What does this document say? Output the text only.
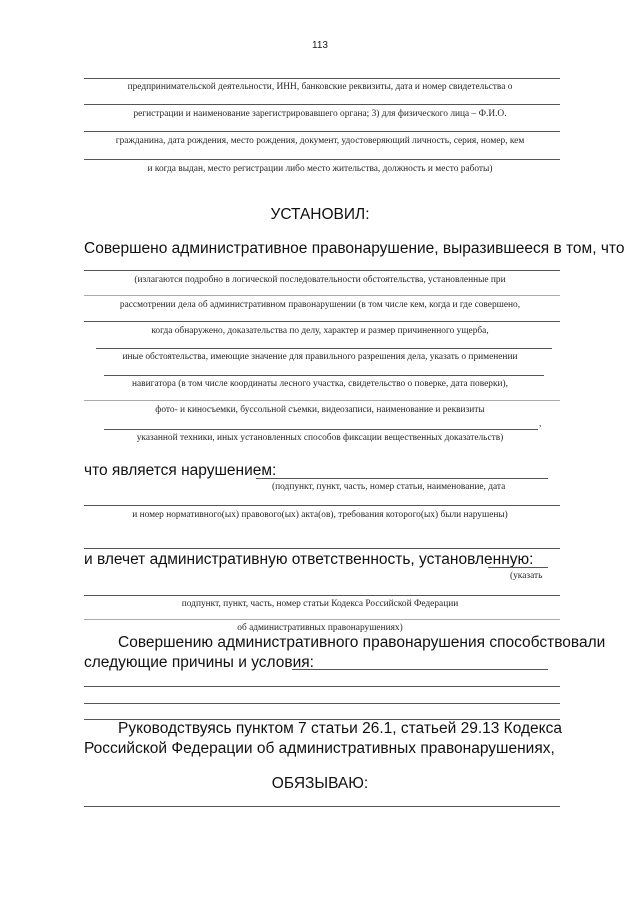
113
предпринимательской деятельности, ИНН, банковские реквизиты, дата и номер свидетельства о
регистрации и наименование зарегистрировавшего органа; 3) для физического лица – Ф.И.О.
гражданина, дата рождения, место рождения, документ, удостоверяющий личность, серия, номер, кем
и когда выдан, место регистрации либо место жительства, должность и место работы)
УСТАНОВИЛ:
Совершено административное правонарушение, выразившееся в том, что
(излагаются подробно в логической последовательности обстоятельства, установленные при
рассмотрении дела об административном правонарушении (в том числе кем, когда и где совершено,
когда обнаружено, доказательства по делу, характер и размер причиненного ущерба,
иные обстоятельства, имеющие значение для правильного разрешения дела, указать о применении
навигатора (в том числе координаты лесного участка, свидетельство о поверке, дата поверки),
фото- и киносъемки, буссольной съемки, видеозаписи, наименование и реквизиты
,
указанной техники, иных установленных способов фиксации вещественных доказательств)
что является нарушением:
(подпункт, пункт, часть, номер статьи, наименование, дата
и номер нормативного(ых) правового(ых) акта(ов), требования которого(ых) были нарушены)
и влечет административную ответственность, установленную:
(указать
подпункт, пункт, часть, номер статьи Кодекса Российской Федерации
об административных правонарушениях)
Совершению административного правонарушения способствовали
следующие причины и условия:
Руководствуясь пунктом 7 статьи 26.1, статьей 29.13 Кодекса
Российской Федерации об административных правонарушениях,
ОБЯЗЫВАЮ:
